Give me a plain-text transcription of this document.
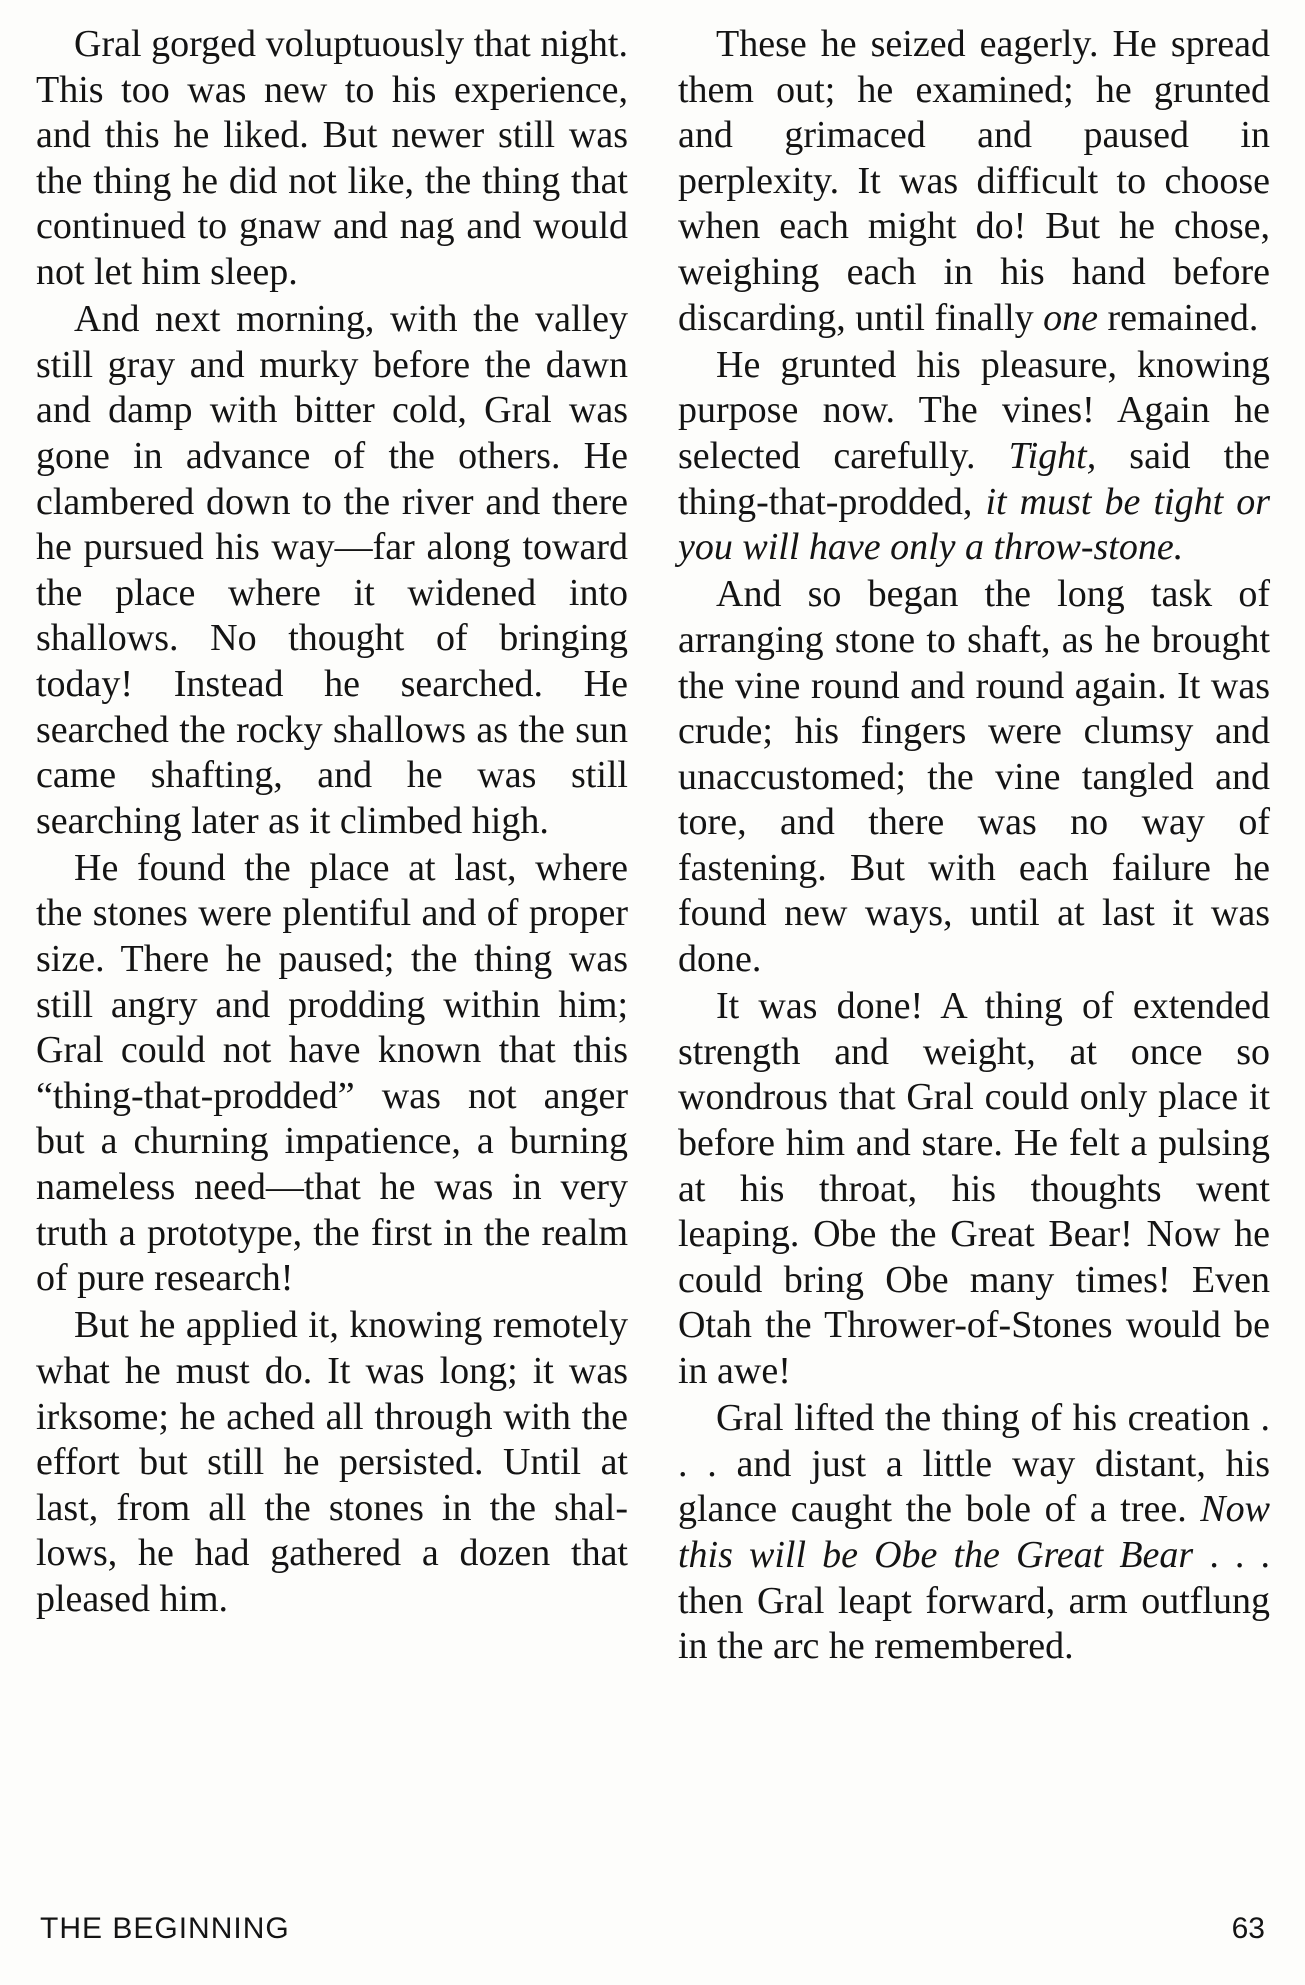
Gral gorged voluptuously that night. This too was new to his experience, and this he liked. But newer still was the thing he did not like, the thing that continued to gnaw and nag and would not let him sleep.

And next morning, with the valley still gray and murky before the dawn and damp with bitter cold, Gral was gone in advance of the others. He clambered down to the river and there he pursued his way—far along toward the place where it widened into shallows. No thought of bringing today! Instead he searched. He searched the rocky shallows as the sun came shafting, and he was still searching later as it climbed high.

He found the place at last, where the stones were plentiful and of proper size. There he paused; the thing was still angry and prodding within him; Gral could not have known that this “thing-that-prodded” was not anger but a churning impatience, a burning nameless need—that he was in very truth a prototype, the first in the realm of pure research!

But he applied it, knowing remotely what he must do. It was long; it was irksome; he ached all through with the effort but still he persisted. Until at last, from all the stones in the shallows, he had gathered a dozen that pleased him.

These he seized eagerly. He spread them out; he examined; he grunted and grimaced and paused in perplexity. It was difficult to choose when each might do! But he chose, weighing each in his hand before discarding, until finally one remained.

He grunted his pleasure, knowing purpose now. The vines! Again he selected carefully. Tight, said the thing-that-prodded, it must be tight or you will have only a throw-stone.

And so began the long task of arranging stone to shaft, as he brought the vine round and round again. It was crude; his fingers were clumsy and unaccustomed; the vine tangled and tore, and there was no way of fastening. But with each failure he found new ways, until at last it was done.

It was done! A thing of extended strength and weight, at once so wondrous that Gral could only place it before him and stare. He felt a pulsing at his throat, his thoughts went leaping. Obe the Great Bear! Now he could bring Obe many times! Even Otah the Thrower-of-Stones would be in awe!

Gral lifted the thing of his creation . . . and just a little way distant, his glance caught the bole of a tree. Now this will be Obe the Great Bear . . . then Gral leapt forward, arm outflung in the arc he remembered.

THE BEGINNING	63
